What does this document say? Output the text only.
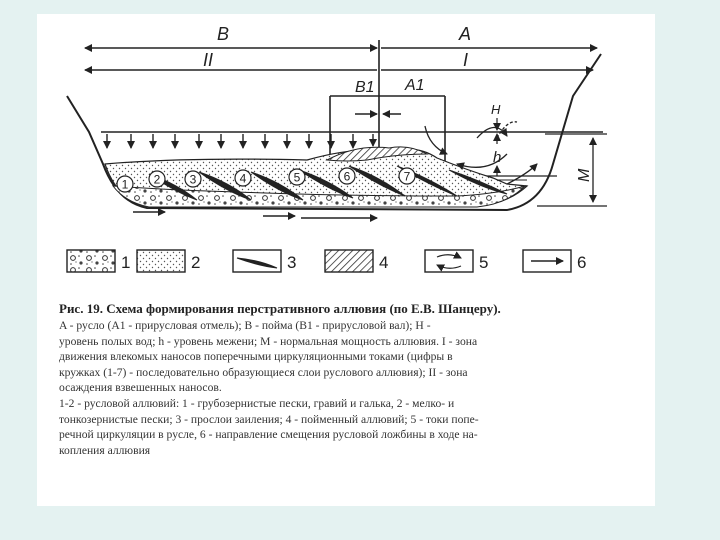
B	A
II	I
B1 A1
1 2 3	4	5	6	7
H
h
M
1	2	3	4	5	6
Рис. 19. Схема формирования перстративного аллювия (по Е.В. Шанцеру).
A - русло (A1 - прирусловая отмель); B - пойма (B1 - прирусловой вал); H -
уровень полых вод; h - уровень межени; M - нормальная мощность аллювия. I - зона
движения влекомых наносов поперечными циркуляционными токами (цифры в
кружках (1-7) - последовательно образующиеся слои руслового аллювия); II - зона
осаждения взвешенных наносов.
1-2 - русловой аллювий: 1 - грубозернистые пески, гравий и галька, 2 - мелко- и
тонкозернистые пески; 3 - прослои заиления; 4 - пойменный аллювий; 5 - токи попе-
речной циркуляции в русле, 6 - направление смещения русловой ложбины в ходе на-
копления аллювия
